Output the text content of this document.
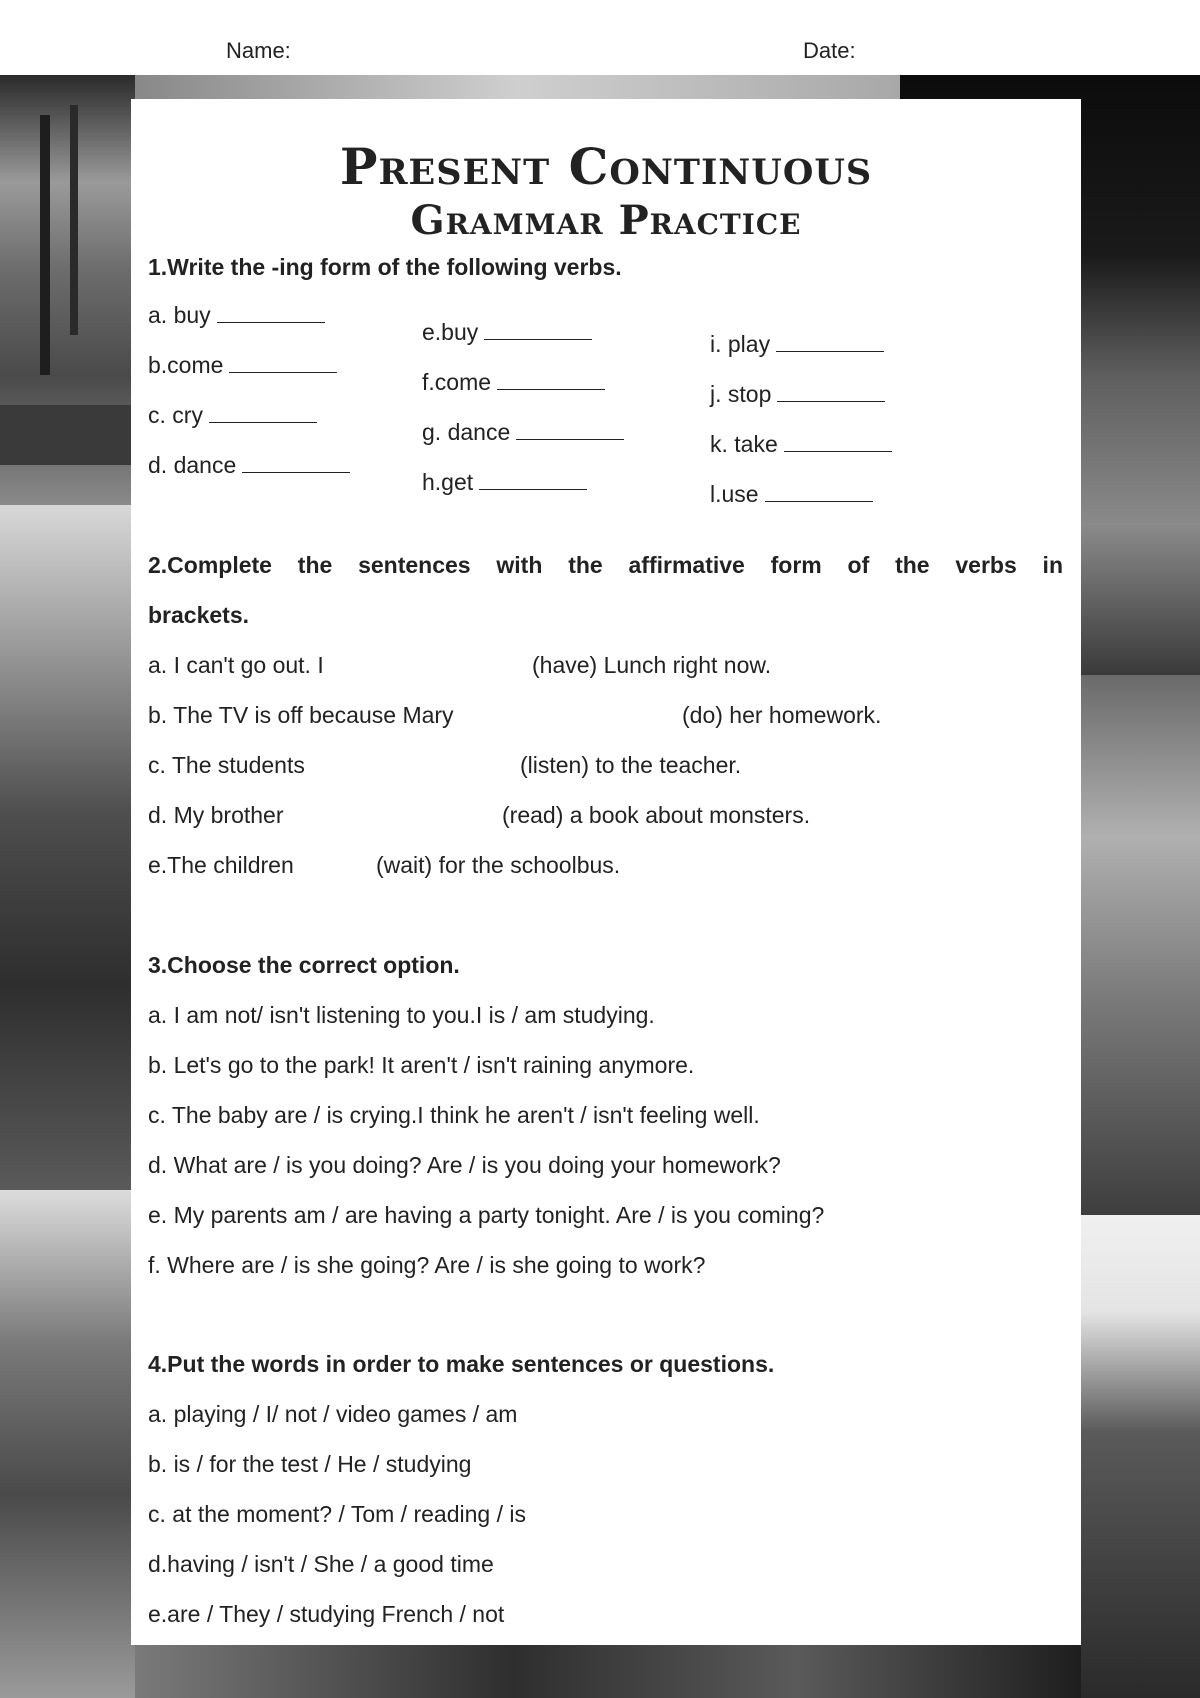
Name:	Date:
Present Continuous
Grammar Practice
1.Write the -ing form of the following verbs.
a. buy
b.come
c. cry
d. dance
e.buy
f.come
g. dance
h.get
i. play
j. stop
k. take
l.use
2.Complete the sentences with the affirmative form of the verbs in
brackets.
a. I can't go out. I	(have) Lunch right now.
b. The TV is off because Mary	(do) her homework.
c. The students	(listen) to the teacher.
d. My brother	(read) a book about monsters.
e.The children	(wait) for the schoolbus.
3.Choose the correct option.
a. I am not/ isn't listening to you.I is / am studying.
b. Let's go to the park! It aren't / isn't raining anymore.
c. The baby are / is crying.I think he aren't / isn't feeling well.
d. What are / is you doing? Are / is you doing your homework?
e. My parents am / are having a party tonight. Are / is you coming?
f. Where are / is she going? Are / is she going to work?
4.Put the words in order to make sentences or questions.
a. playing / I/ not / video games / am
b. is / for the test / He / studying
c. at the moment? / Tom / reading / is
d.having / isn't / She / a good time
e.are / They / studying French / not
